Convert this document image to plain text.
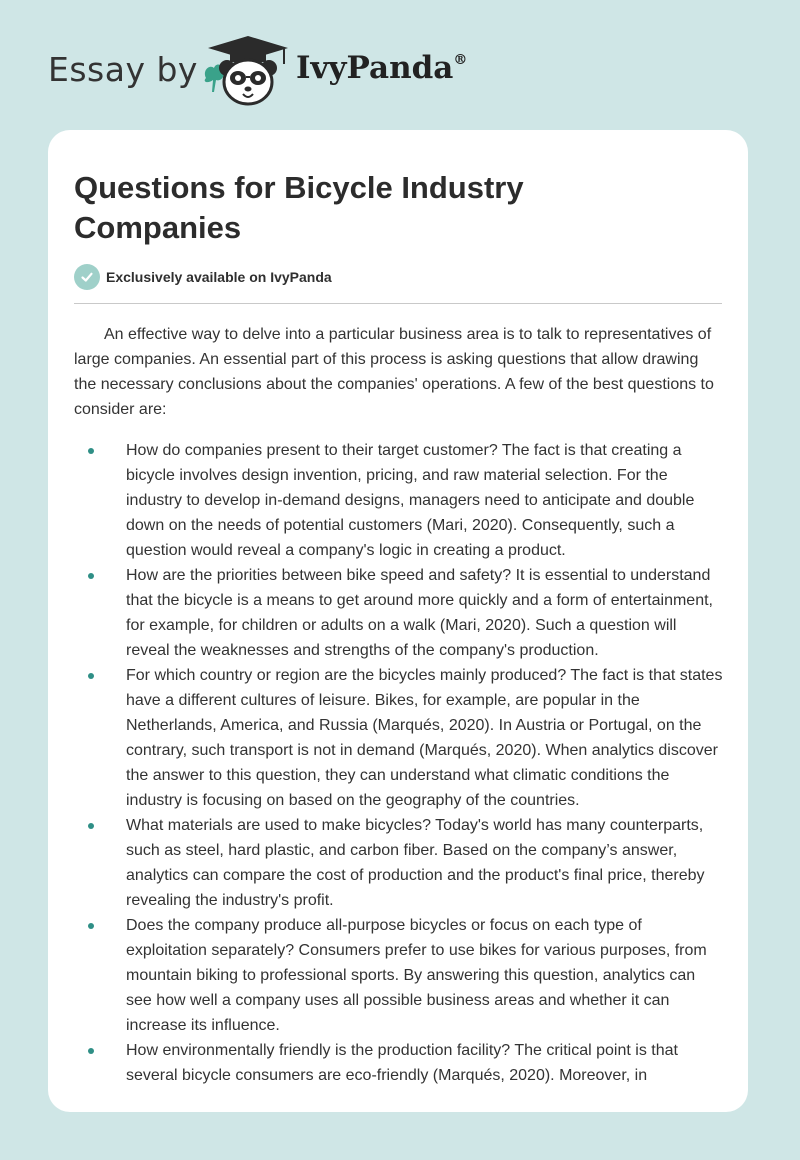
Essay by	IvyPanda®
Questions for Bicycle Industry Companies
Exclusively available on IvyPanda

An effective way to delve into a particular business area is to talk to representatives of large companies. An essential part of this process is asking questions that allow drawing the necessary conclusions about the companies' operations. A few of the best questions to consider are:

How do companies present to their target customer? The fact is that creating a bicycle involves design invention, pricing, and raw material selection. For the industry to develop in-demand designs, managers need to anticipate and double down on the needs of potential customers (Mari, 2020). Consequently, such a question would reveal a company's logic in creating a product.
How are the priorities between bike speed and safety? It is essential to understand that the bicycle is a means to get around more quickly and a form of entertainment, for example, for children or adults on a walk (Mari, 2020). Such a question will reveal the weaknesses and strengths of the company's production.
For which country or region are the bicycles mainly produced? The fact is that states have a different cultures of leisure. Bikes, for example, are popular in the Netherlands, America, and Russia (Marqués, 2020). In Austria or Portugal, on the contrary, such transport is not in demand (Marqués, 2020). When analytics discover the answer to this question, they can understand what climatic conditions the industry is focusing on based on the geography of the countries.
What materials are used to make bicycles? Today's world has many counterparts, such as steel, hard plastic, and carbon fiber. Based on the company’s answer, analytics can compare the cost of production and the product's final price, thereby revealing the industry's profit.
Does the company produce all-purpose bicycles or focus on each type of exploitation separately? Consumers prefer to use bikes for various purposes, from mountain biking to professional sports. By answering this question, analytics can see how well a company uses all possible business areas and whether it can increase its influence.
How environmentally friendly is the production facility? The critical point is that several bicycle consumers are eco-friendly (Marqués, 2020). Moreover, in
